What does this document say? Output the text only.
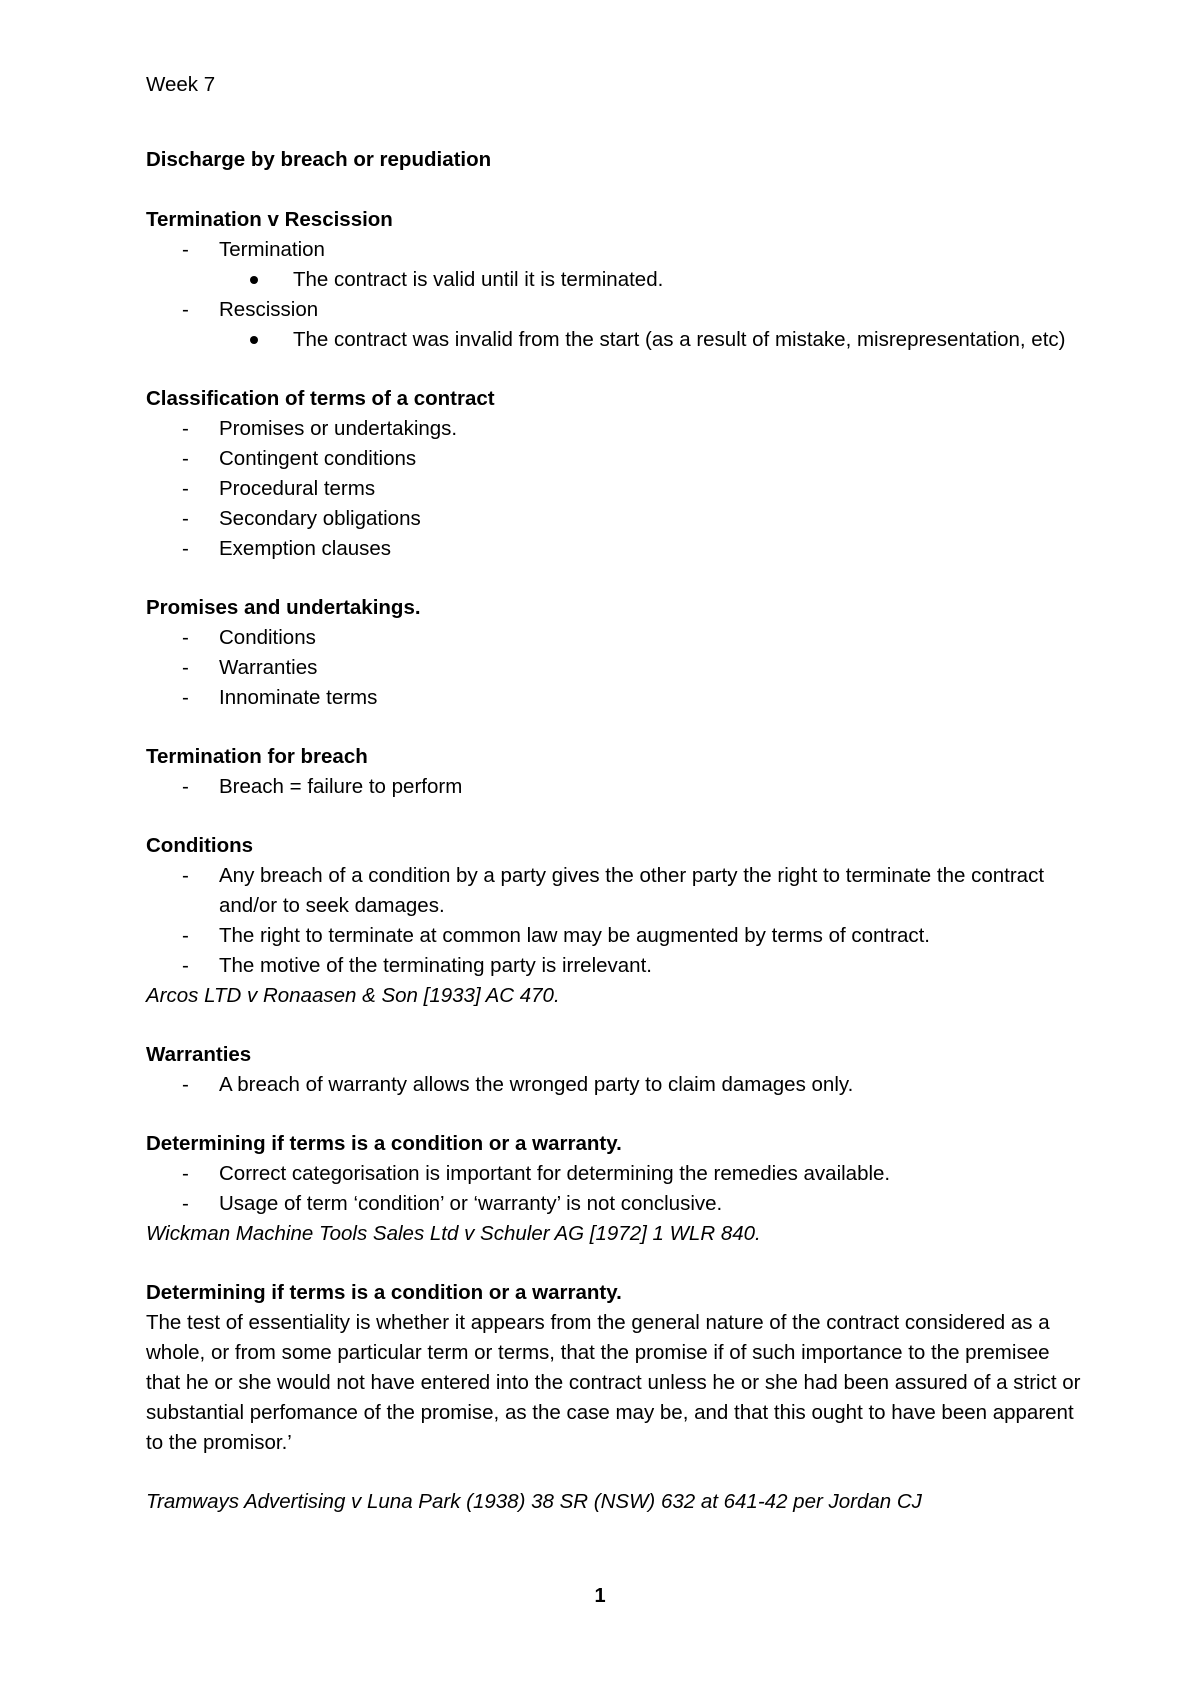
Week 7
Discharge by breach or repudiation
Termination v Rescission
-	Termination
The contract is valid until it is terminated.
-	Rescission
The contract was invalid from the start (as a result of mistake, misrepresentation, etc)
Classification of terms of a contract
-	Promises or undertakings.
-	Contingent conditions
-	Procedural terms
-	Secondary obligations
-	Exemption clauses
Promises and undertakings.
-	Conditions
-	Warranties
-	Innominate terms
Termination for breach
-	Breach = failure to perform
Conditions
-	Any breach of a condition by a party gives the other party the right to terminate the contract and/or to seek damages.
-	The right to terminate at common law may be augmented by terms of contract.
-	The motive of the terminating party is irrelevant.
Arcos LTD v Ronaasen & Son [1933] AC 470.
Warranties
-	A breach of warranty allows the wronged party to claim damages only.
Determining if terms is a condition or a warranty.
-	Correct categorisation is important for determining the remedies available.
-	Usage of term ‘condition’ or ‘warranty’ is not conclusive.
Wickman Machine Tools Sales Ltd v Schuler AG [1972] 1 WLR 840.
Determining if terms is a condition or a warranty.
The test of essentiality is whether it appears from the general nature of the contract considered as a whole, or from some particular term or terms, that the promise if of such importance to the premisee that he or she would not have entered into the contract unless he or she had been assured of a strict or substantial perfomance of the promise, as the case may be, and that this ought to have been apparent to the promisor.’
Tramways Advertising v Luna Park (1938) 38 SR (NSW) 632 at 641-42 per Jordan CJ
1
